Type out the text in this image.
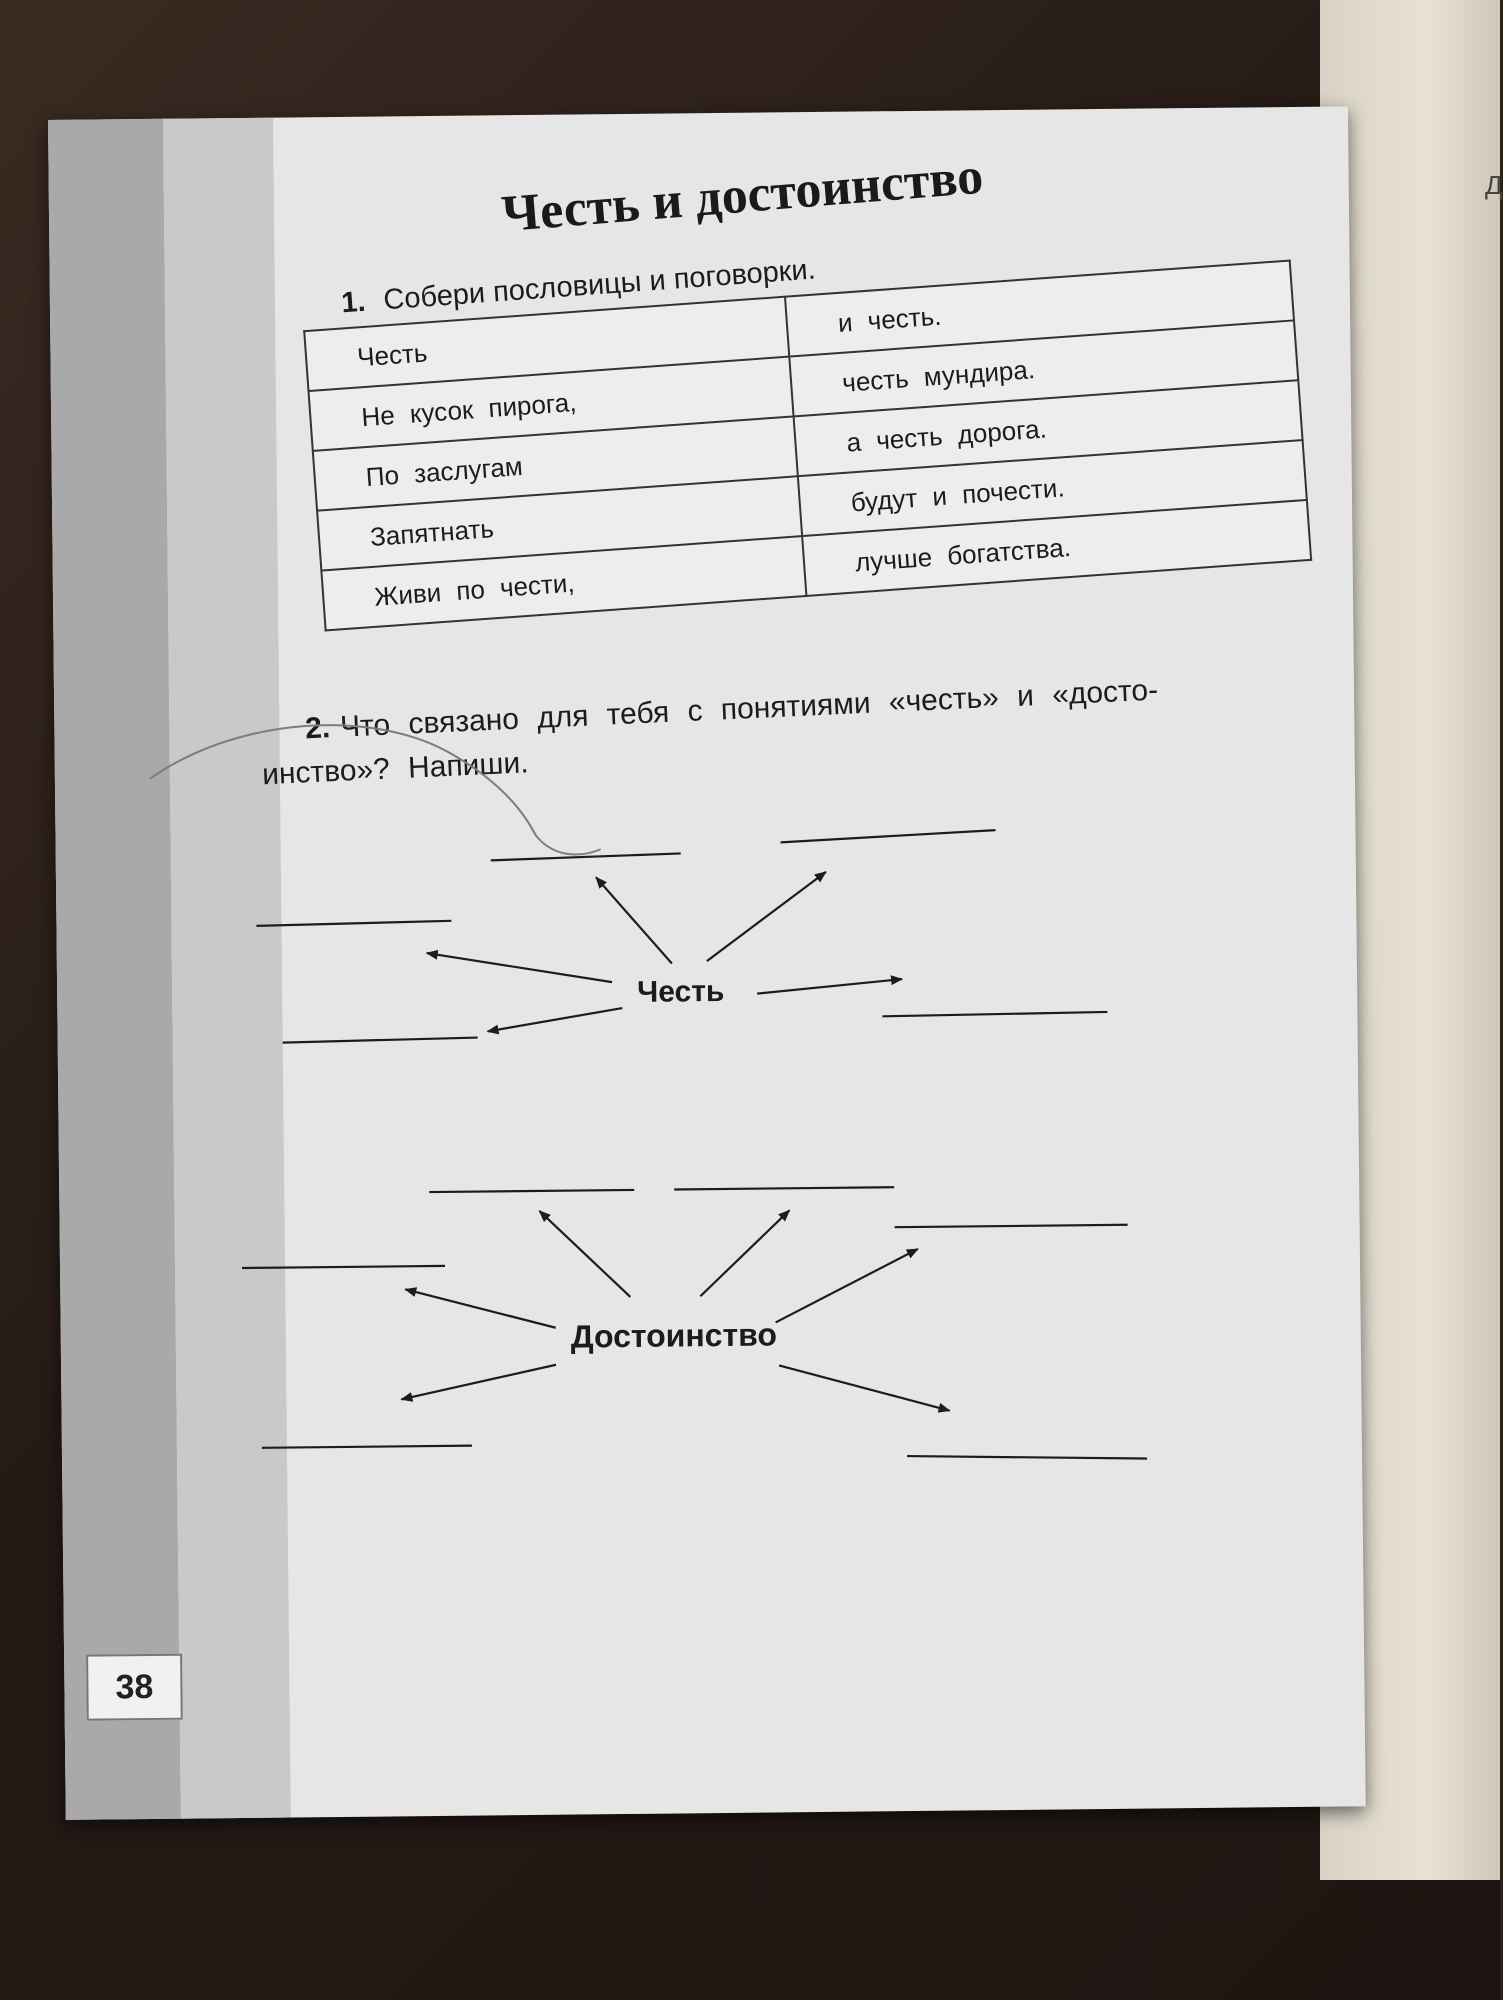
Д
Честь и достоинство
1. Собери пословицы и поговорки.
Честь	и честь.
Не кусок пирога,	честь мундира.
По заслугам	а честь дорога.
Запятнать	будут и почести.
Живи по чести,	лучше богатства.
2. Что связано для тебя с понятиями «честь» и «досто-
инство»? Напиши.
Честь
Достоинство
38
